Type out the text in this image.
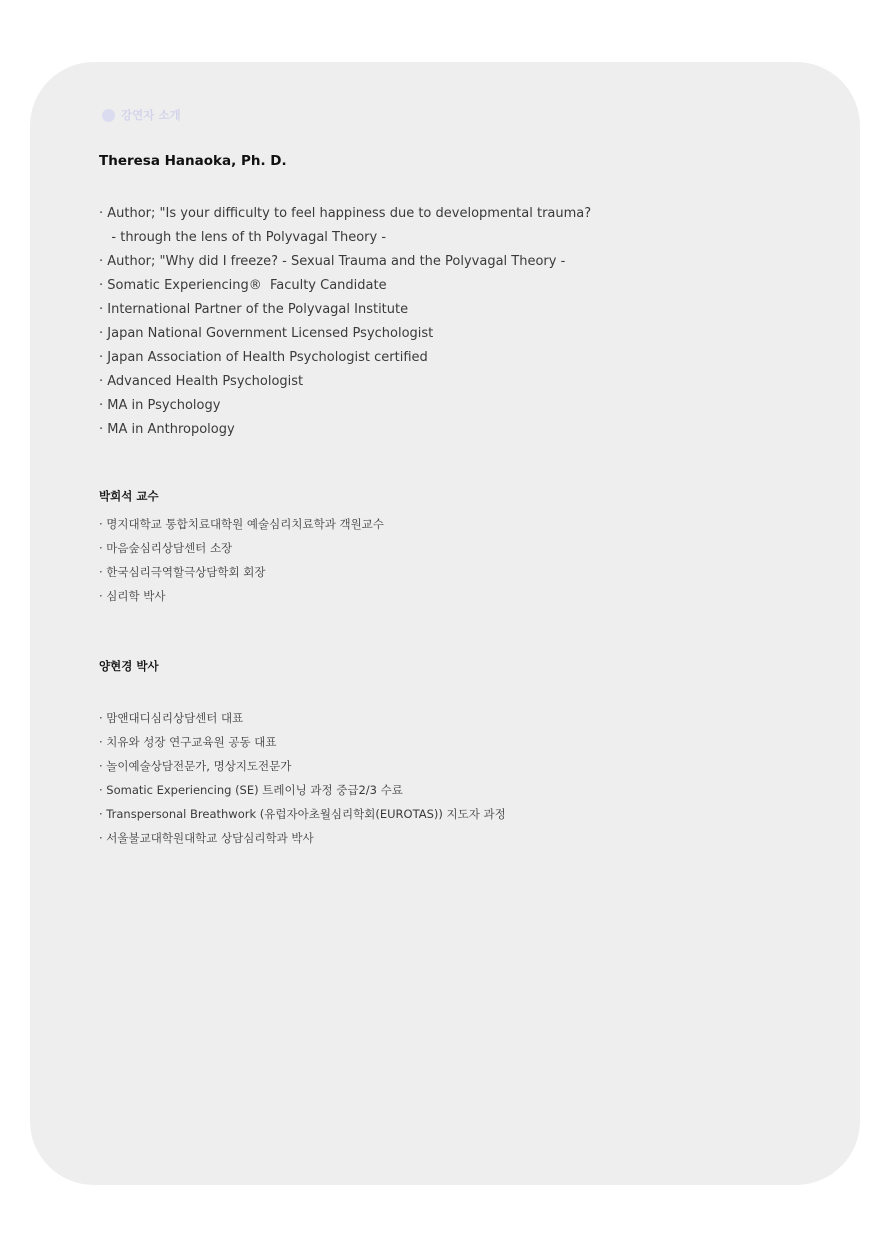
강연자 소개
Theresa Hanaoka, Ph. D.
· Author; "Is your difficulty to feel happiness due to developmental trauma?
- through the lens of th Polyvagal Theory -
· Author; "Why did I freeze? - Sexual Trauma and the Polyvagal Theory -
· Somatic Experiencing®  Faculty Candidate
· International Partner of the Polyvagal Institute
· Japan National Government Licensed Psychologist
· Japan Association of Health Psychologist certified
· Advanced Health Psychologist
· MA in Psychology
· MA in Anthropology
박희석 교수
· 명지대학교 통합치료대학원 예술심리치료학과 객원교수
· 마음숲심리상담센터 소장
· 한국심리극역할극상담학회 회장
· 심리학 박사
양현경 박사
· 맘앤대디심리상담센터 대표
· 치유와 성장 연구교육원 공동 대표
· 놀이예술상담전문가, 명상지도전문가
· Somatic Experiencing (SE) 트레이닝 과정 중급2/3 수료
· Transpersonal Breathwork (유럽자아초월심리학회(EUROTAS)) 지도자 과정
· 서울불교대학원대학교 상담심리학과 박사
